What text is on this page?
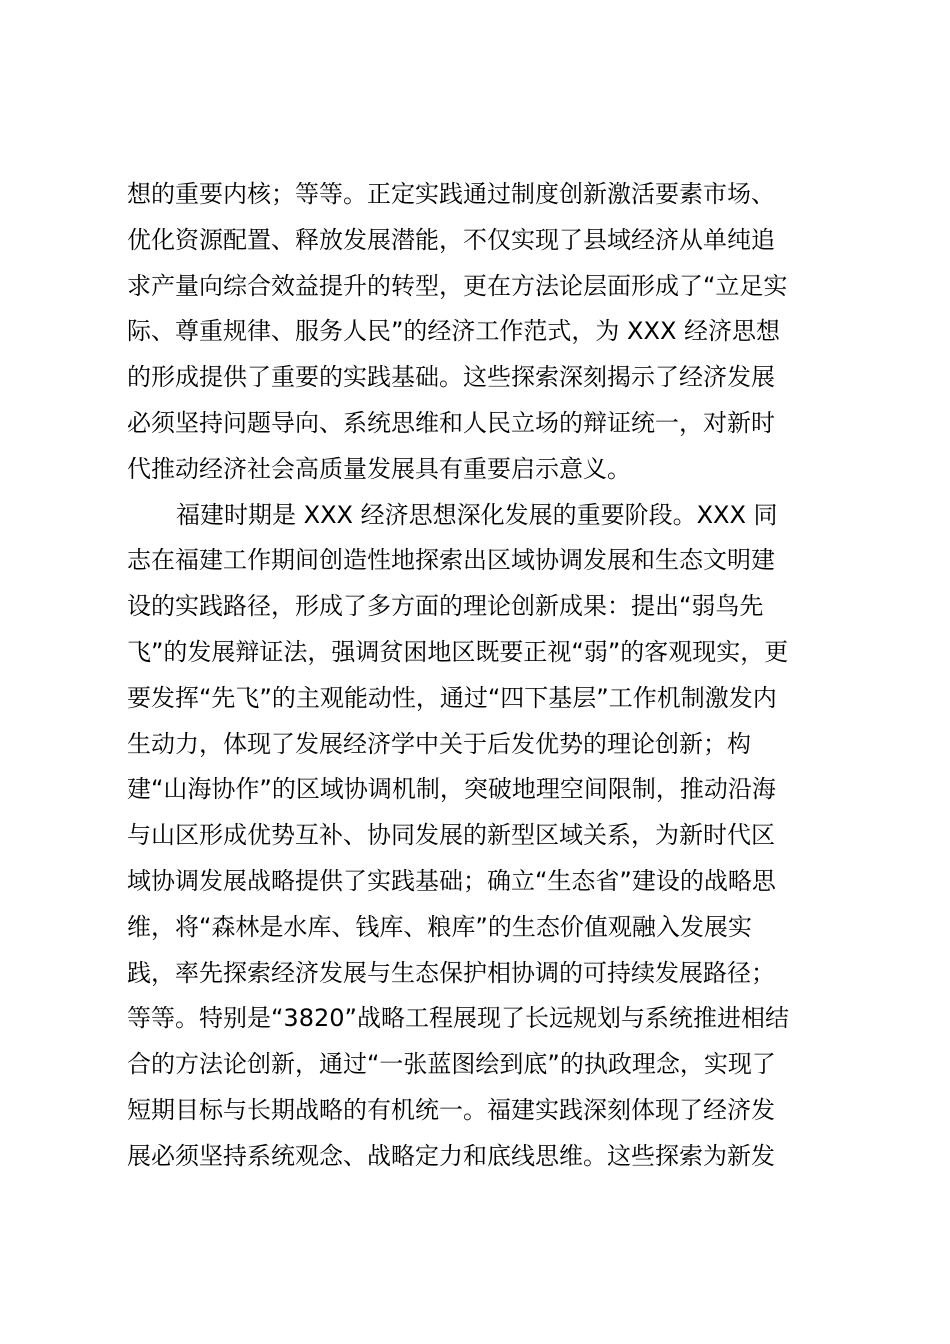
想的重要内核；等等。正定实践通过制度创新激活要素市场、
优化资源配置、释放发展潜能，不仅实现了县域经济从单纯追
求产量向综合效益提升的转型，更在方法论层面形成了“立足实
际、尊重规律、服务人民”的经济工作范式，为 XXX 经济思想
的形成提供了重要的实践基础。这些探索深刻揭示了经济发展
必须坚持问题导向、系统思维和人民立场的辩证统一，对新时
代推动经济社会高质量发展具有重要启示意义。
福建时期是 XXX 经济思想深化发展的重要阶段。XXX 同
志在福建工作期间创造性地探索出区域协调发展和生态文明建
设的实践路径，形成了多方面的理论创新成果：提出“弱鸟先
飞”的发展辩证法，强调贫困地区既要正视“弱”的客观现实，更
要发挥“先飞”的主观能动性，通过“四下基层”工作机制激发内
生动力，体现了发展经济学中关于后发优势的理论创新；构
建“山海协作”的区域协调机制，突破地理空间限制，推动沿海
与山区形成优势互补、协同发展的新型区域关系，为新时代区
域协调发展战略提供了实践基础；确立“生态省”建设的战略思
维，将“森林是水库、钱库、粮库”的生态价值观融入发展实
践，率先探索经济发展与生态保护相协调的可持续发展路径；
等等。特别是“3820”战略工程展现了长远规划与系统推进相结
合的方法论创新，通过“一张蓝图绘到底”的执政理念，实现了
短期目标与长期战略的有机统一。福建实践深刻体现了经济发
展必须坚持系统观念、战略定力和底线思维。这些探索为新发
